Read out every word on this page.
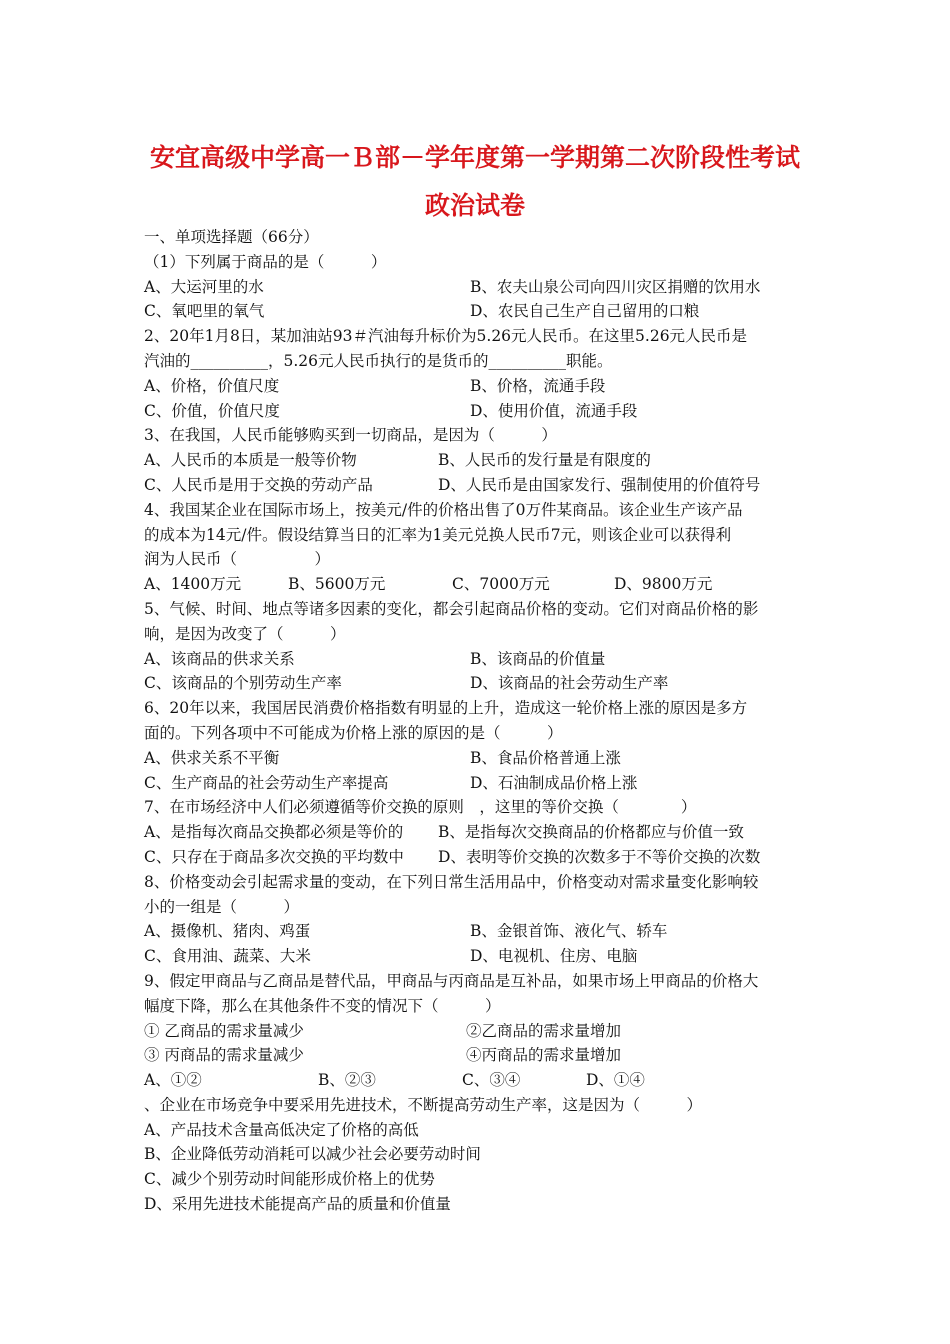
安宜高级中学高一Ｂ部－学年度第一学期第二次阶段性考试
政治试卷
一、单项选择题（66分）
（1）下列属于商品的是（　　　）
A、大运河里的水	B、农夫山泉公司向四川灾区捐赠的饮用水
C、氧吧里的氧气	D、农民自己生产自己留用的口粮
2、20年1月8日，某加油站93＃汽油每升标价为5.26元人民币。在这里5.26元人民币是
汽油的__________，5.26元人民币执行的是货币的__________职能。
A、价格，价值尺度	B、价格，流通手段
C、价值，价值尺度	D、使用价值，流通手段
3、在我国，人民币能够购买到一切商品，是因为（　　　）
A、人民币的本质是一般等价物	B、人民币的发行量是有限度的
C、人民币是用于交换的劳动产品	D、人民币是由国家发行、强制使用的价值符号
4、我国某企业在国际市场上，按美元/件的价格出售了0万件某商品。该企业生产该产品
的成本为14元/件。假设结算当日的汇率为1美元兑换人民币7元，则该企业可以获得利
润为人民币（　　　　　）
A、1400万元	B、5600万元	C、7000万元	D、9800万元
5、气候、时间、地点等诸多因素的变化，都会引起商品价格的变动。它们对商品价格的影
响，是因为改变了（　　　）
A、该商品的供求关系	B、该商品的价值量
C、该商品的个别劳动生产率	D、该商品的社会劳动生产率
6、20年以来，我国居民消费价格指数有明显的上升，造成这一轮价格上涨的原因是多方
面的。下列各项中不可能成为价格上涨的原因的是（　　　）
A、供求关系不平衡	B、食品价格普通上涨
C、生产商品的社会劳动生产率提高	D、石油制成品价格上涨
7、在市场经济中人们必须遵循等价交换的原则　，这里的等价交换（　　　　）
A、是指每次商品交换都必须是等价的 B、是指每次交换商品的价格都应与价值一致
C、只存在于商品多次交换的平均数中 D、表明等价交换的次数多于不等价交换的次数
8、价格变动会引起需求量的变动，在下列日常生活用品中，价格变动对需求量变化影响较
小的一组是（　　　）
A、摄像机、猪肉、鸡蛋	B、金银首饰、液化气、轿车
C、食用油、蔬菜、大米	D、电视机、住房、电脑
9、假定甲商品与乙商品是替代品，甲商品与丙商品是互补品，如果市场上甲商品的价格大
幅度下降，那么在其他条件不变的情况下（　　　）
① 乙商品的需求量减少	②乙商品的需求量增加
③ 丙商品的需求量减少	④丙商品的需求量增加
A、①②	B、②③	C、③④	D、①④
、企业在市场竞争中要采用先进技术，不断提高劳动生产率，这是因为（　　　）
A、产品技术含量高低决定了价格的高低
B、企业降低劳动消耗可以减少社会必要劳动时间
C、减少个别劳动时间能形成价格上的优势
D、采用先进技术能提高产品的质量和价值量
